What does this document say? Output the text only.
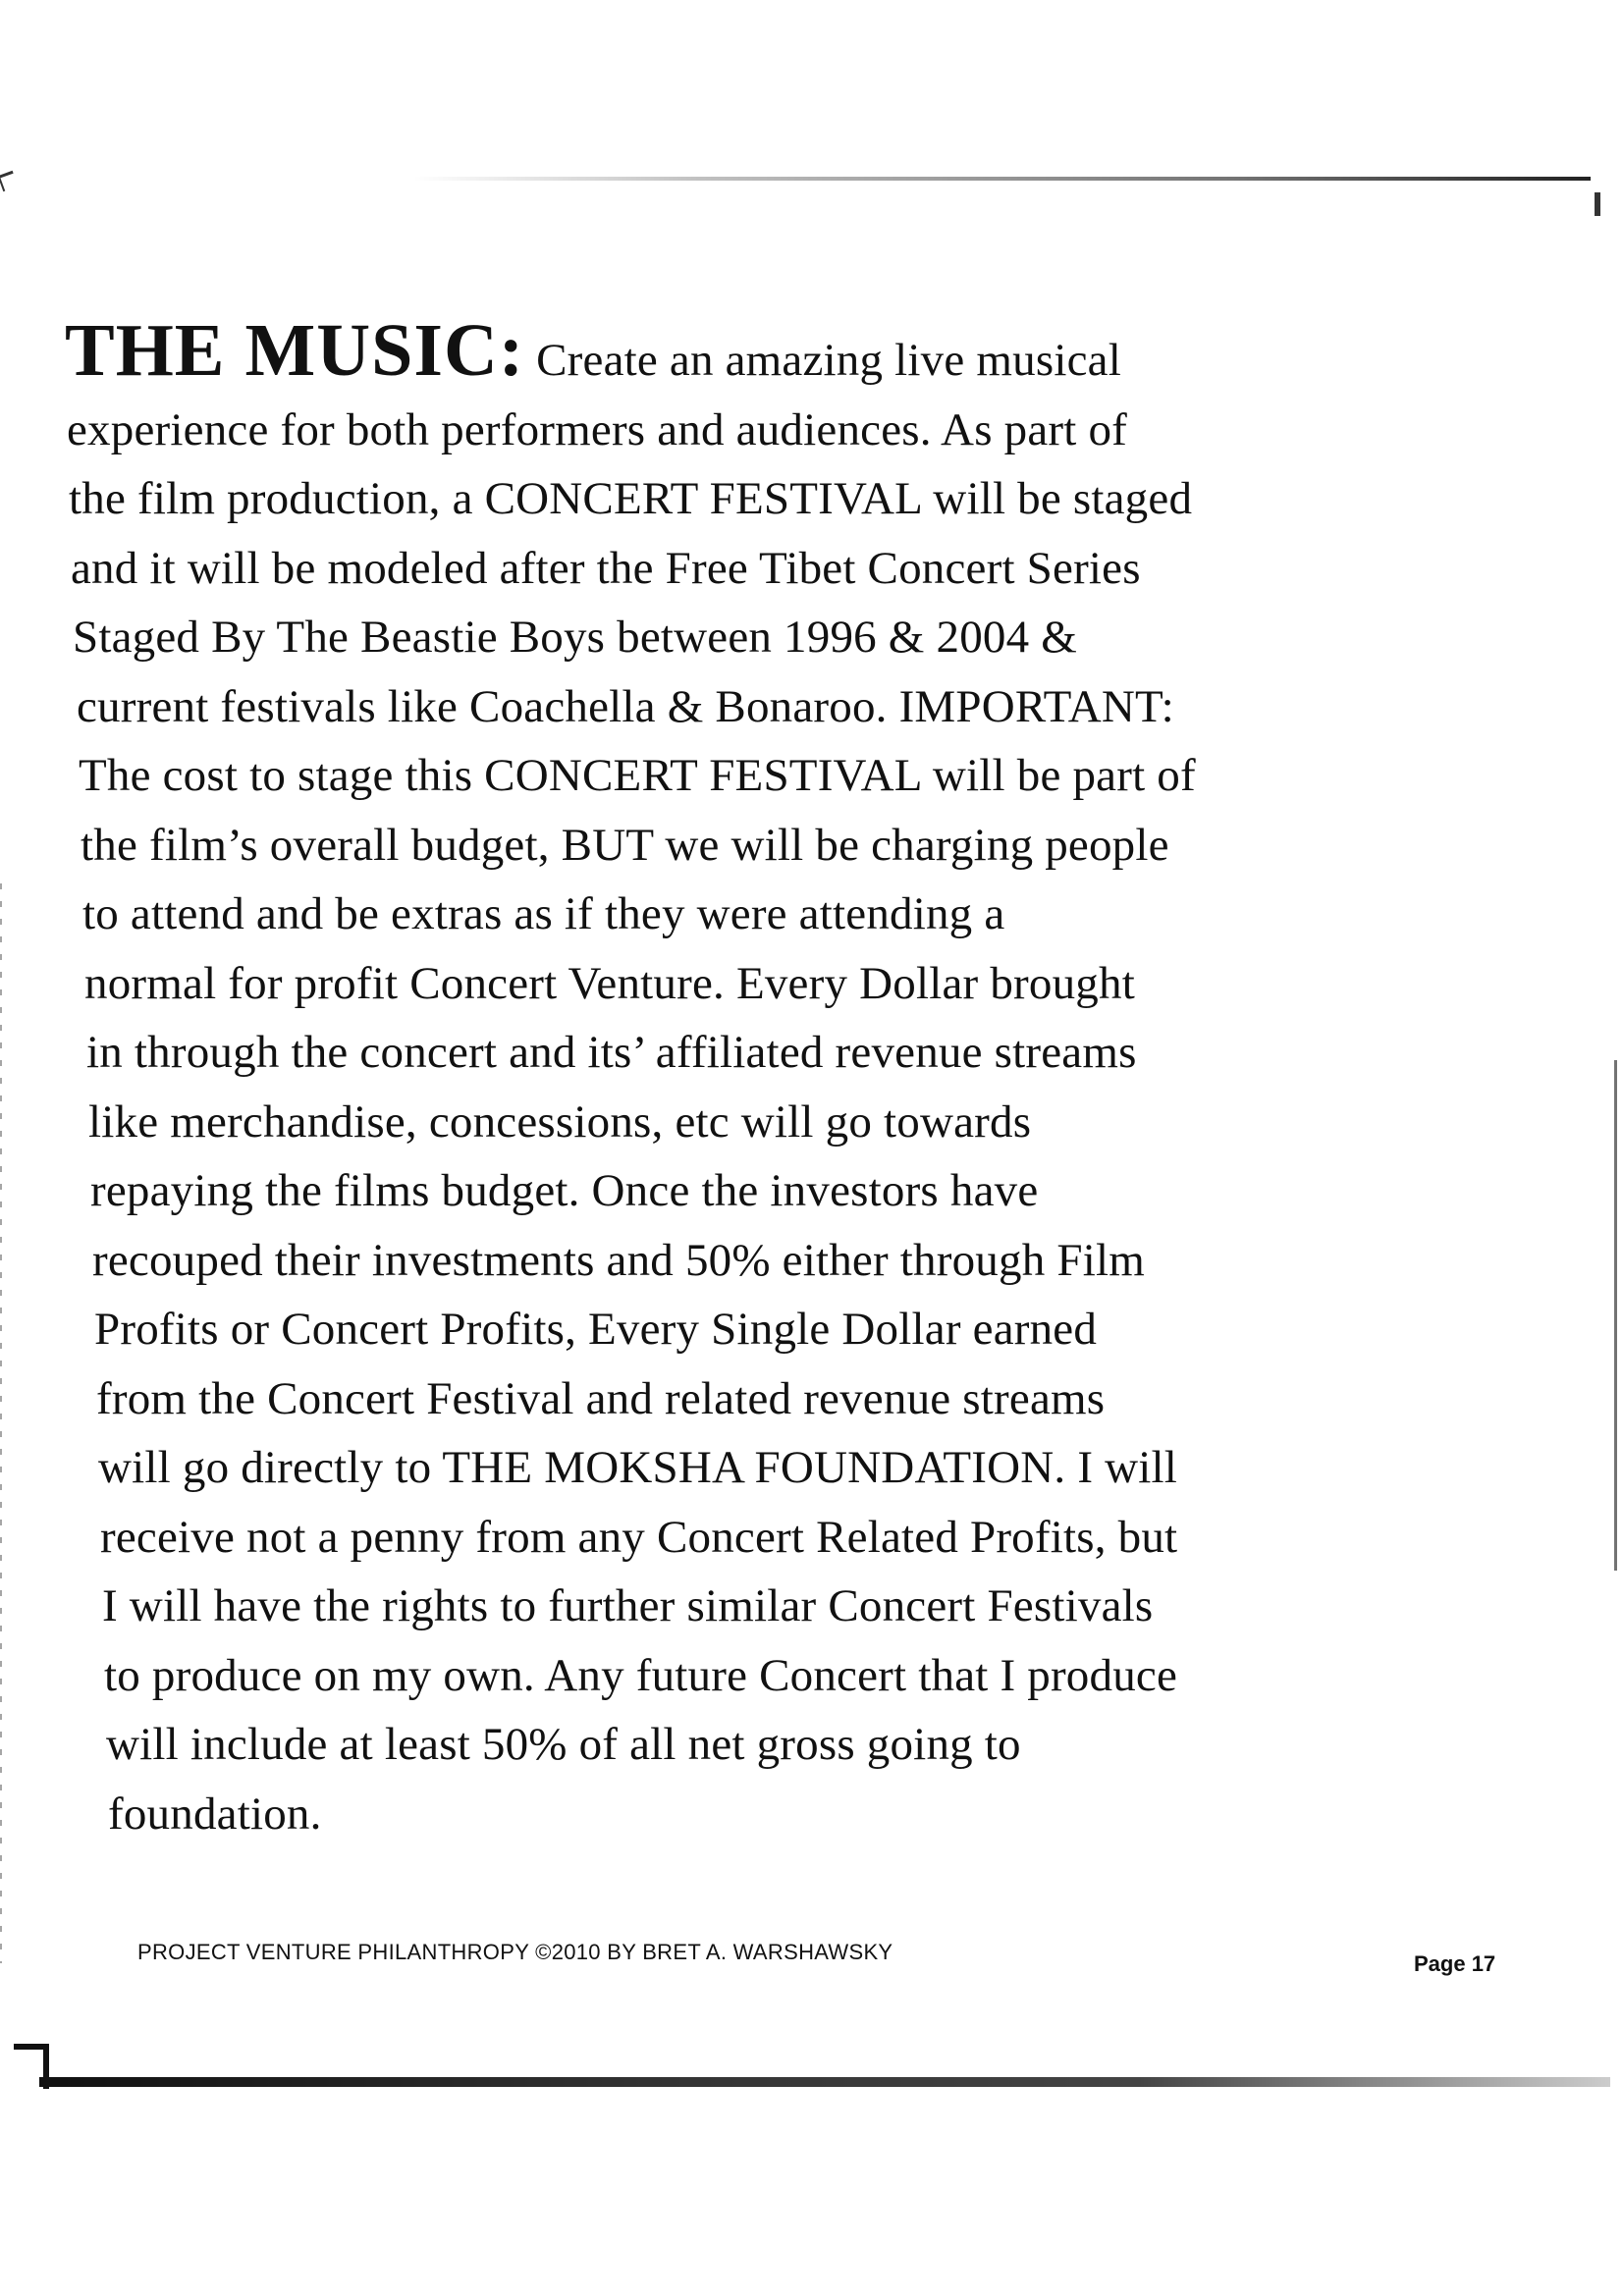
THE MUSIC: Create an amazing live musical
experience for both performers and audiences. As part of
the film production, a CONCERT FESTIVAL will be staged
and it will be modeled after the Free Tibet Concert Series
Staged By The Beastie Boys between 1996 & 2004 &
current festivals like Coachella & Bonaroo. IMPORTANT:
The cost to stage this CONCERT FESTIVAL will be part of
the film’s overall budget, BUT we will be charging people
to attend and be extras as if they were attending a
normal for profit Concert Venture. Every Dollar brought
in through the concert and its’ affiliated revenue streams
like merchandise, concessions, etc will go towards
repaying the films budget. Once the investors have
recouped their investments and 50% either through Film
Profits or Concert Profits, Every Single Dollar earned
from the Concert Festival and related revenue streams
will go directly to THE MOKSHA FOUNDATION. I will
receive not a penny from any Concert Related Profits, but
I will have the rights to further similar Concert Festivals
to produce on my own. Any future Concert that I produce
will include at least 50% of all net gross going to
foundation.
PROJECT VENTURE PHILANTHROPY ©2010 BY BRET A. WARSHAWSKY	Page 17
